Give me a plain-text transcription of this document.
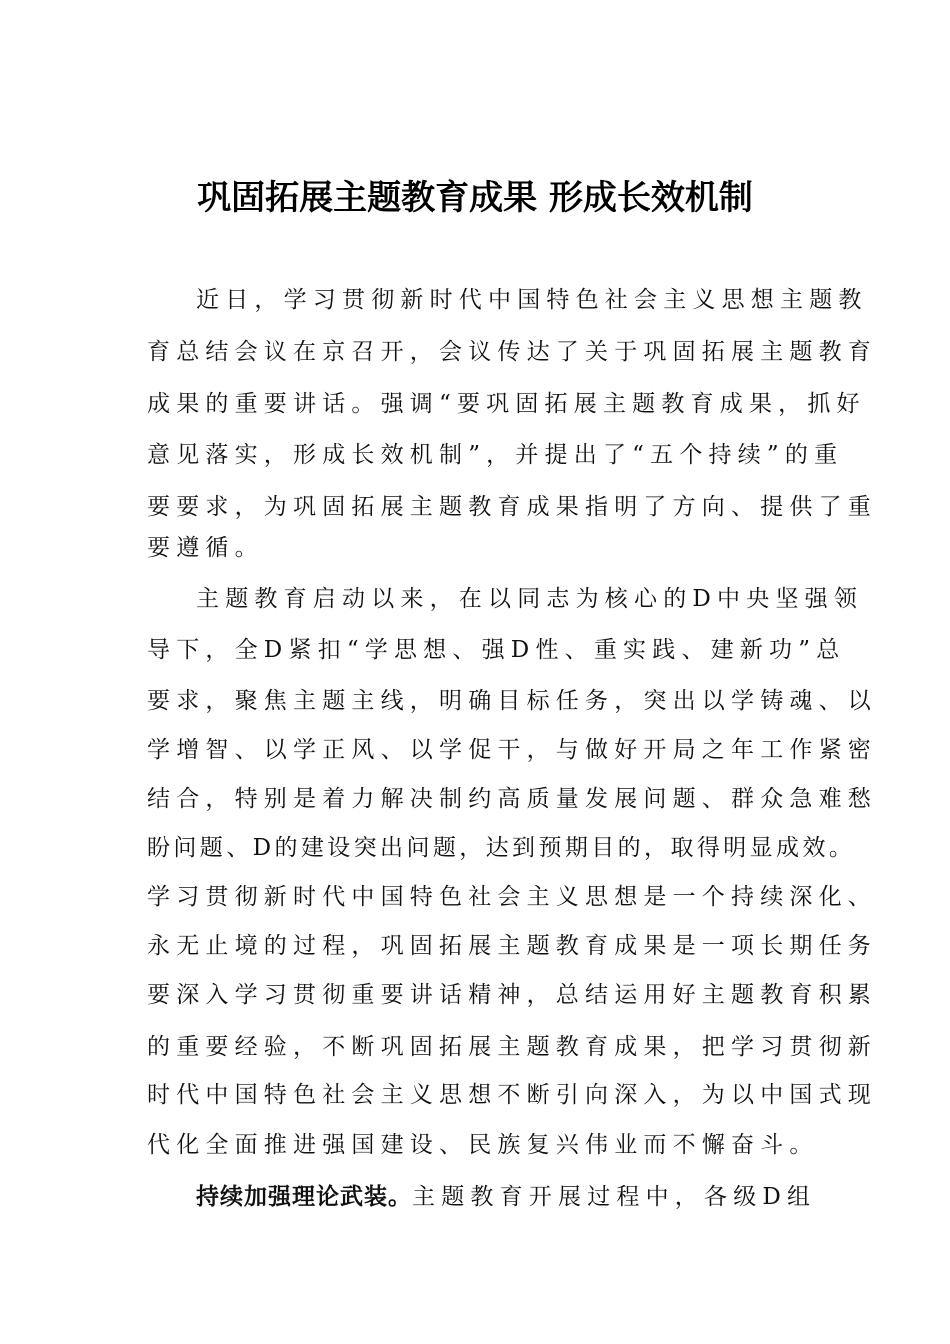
巩固拓展主题教育成果 形成长效机制
近日，学习贯彻新时代中国特色社会主义思想主题教
育总结会议在京召开，会议传达了关于巩固拓展主题教育
成果的重要讲话。强调“要巩固拓展主题教育成果，抓好
意见落实，形成长效机制”，并提出了“五个持续”的重
要要求，为巩固拓展主题教育成果指明了方向、提供了重
要遵循。
主题教育启动以来，在以同志为核心的D中央坚强领
导下，全D紧扣“学思想、强D性、重实践、建新功”总
要求，聚焦主题主线，明确目标任务，突出以学铸魂、以
学增智、以学正风、以学促干，与做好开局之年工作紧密
结合，特别是着力解决制约高质量发展问题、群众急难愁
盼问题、D的建设突出问题，达到预期目的，取得明显成效。
学习贯彻新时代中国特色社会主义思想是一个持续深化、
永无止境的过程，巩固拓展主题教育成果是一项长期任务
要深入学习贯彻重要讲话精神，总结运用好主题教育积累
的重要经验，不断巩固拓展主题教育成果，把学习贯彻新
时代中国特色社会主义思想不断引向深入，为以中国式现
代化全面推进强国建设、民族复兴伟业而不懈奋斗。
持续加强理论武装。主题教育开展过程中，各级D组
